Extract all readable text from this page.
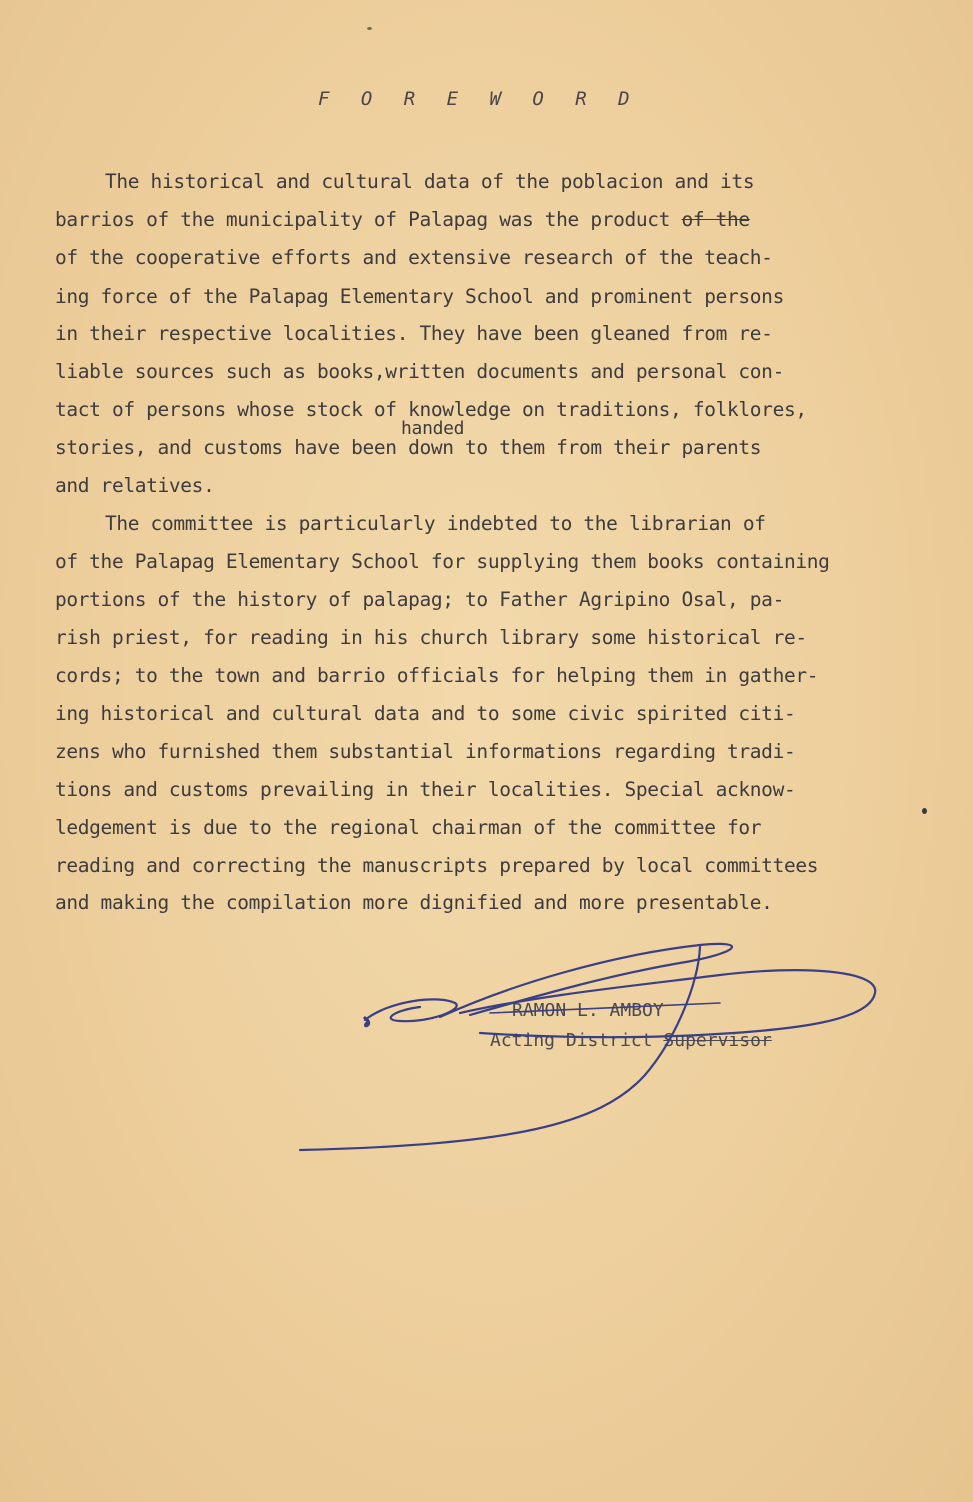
F O R E W O R D
The historical and cultural data of the poblacion and its
barrios of the municipality of Palapag was the product of the
of the cooperative efforts and extensive research of the teach-
ing force of the Palapag Elementary School and prominent persons
in their respective localities. They have been gleaned from re-
liable sources such as books,written documents and personal con-
tact of persons whose stock of knowledge on traditions, folklores,
handed
stories, and customs have been down to them from their parents
and relatives.
The committee is particularly indebted to the librarian of
of the Palapag Elementary School for supplying them books containing
portions of the history of palapag; to Father Agripino Osal, pa-
rish priest, for reading in his church library some historical re-
cords; to the town and barrio officials for helping them in gather-
ing historical and cultural data and to some civic spirited citi-
zens who furnished them substantial informations regarding tradi-
tions and customs prevailing in their localities. Special acknow-
ledgement is due to the regional chairman of the committee for
reading and correcting the manuscripts prepared by local committees
and making the compilation more dignified and more presentable.
RAMON L. AMBOY
Acting District Supervisor
